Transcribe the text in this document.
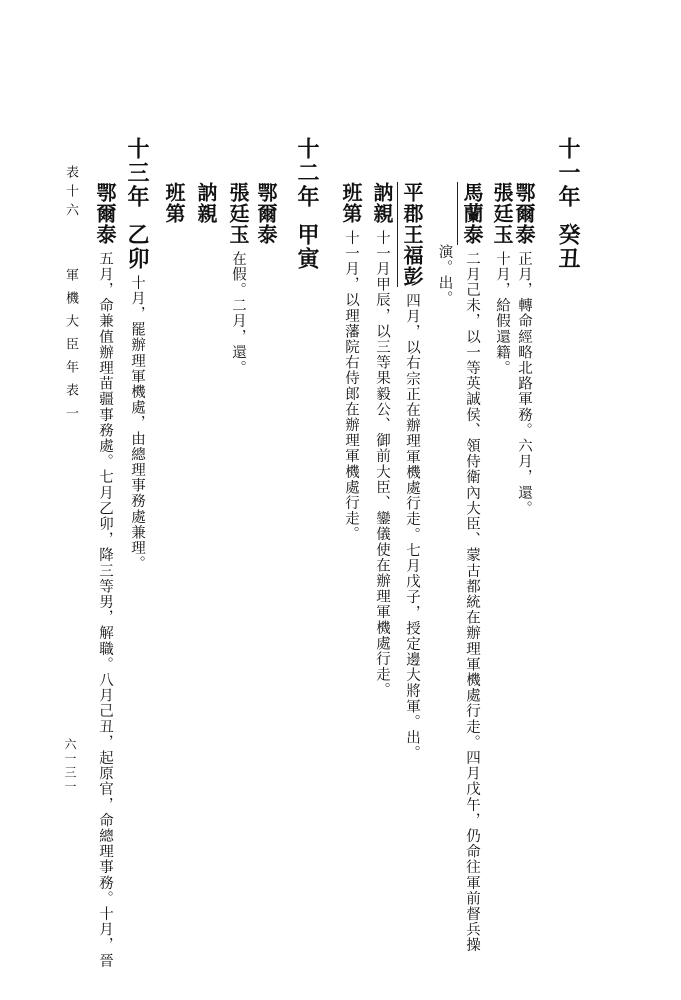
十一年癸丑
鄂爾泰正月，轉命經略北路軍務。六月，還。
張廷玉十月，給假還籍。
馬蘭泰二月己未，以一等英誠侯、領侍衛內大臣、蒙古都統在辦理軍機處行走。四月戊午，仍命往軍前督兵操
演。出。
平郡王福彭四月，以右宗正在辦理軍機處行走。七月戊子，授定邊大將軍。出。
訥親十一月甲辰，以三等果毅公、御前大臣、鑾儀使在辦理軍機處行走。
班第十一月，以理藩院右侍郎在辦理軍機處行走。
十二年甲寅
鄂爾泰
張廷玉在假。二月，還。
訥親
班第
十三年乙卯十月，罷辦理軍機處，由總理事務處兼理。
鄂爾泰五月，命兼值辦理苗疆事務處。七月乙卯，降三等男，解職。八月己丑，起原官，命總理事務。十月，晉
表十六
軍機大臣年表一
六一三一
